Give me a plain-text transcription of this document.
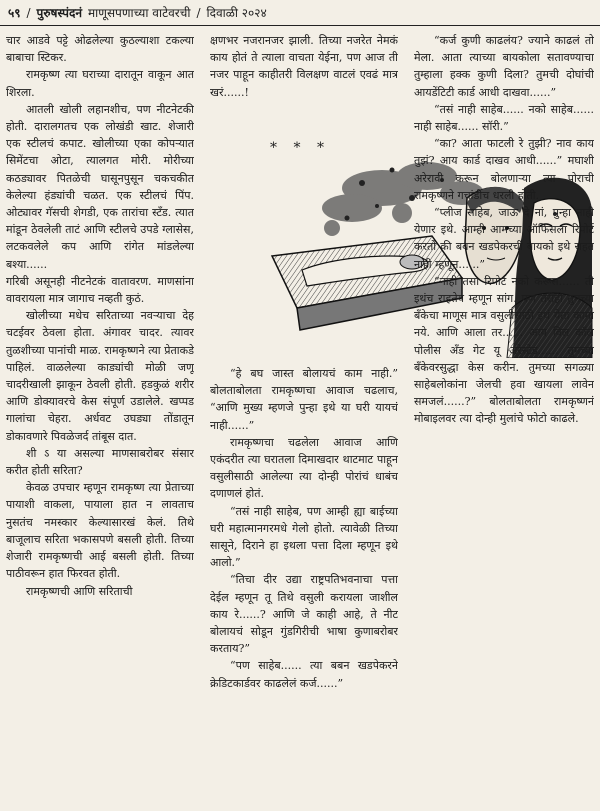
५९ / पुरुषस्पंदनं माणूसपणाच्या वाटेवरची / दिवाळी २०२४

चार आडवे पट्टे ओढलेल्या कुठल्याशा टकल्या बाबाचा स्टिकर.

रामकृष्ण त्या घराच्या दारातून वाकून आत शिरला.

आतली खोली लहानशीच, पण नीटनेटकी होती. दारालगतच एक लोखंडी खाट. शेजारी एक स्टीलचं कपाट. खोलीच्या एका कोपऱ्यात सिमेंटचा ओटा, त्यालगत मोरी. मोरीच्या कठड्यावर पितळेची घासूनपुसून चकचकीत केलेल्या हंड्यांची चळत. एक स्टीलचं पिंप. ओट्यावर गॅसची शेगडी, एक तारांचा स्टँड. त्यात मांडून ठेवलेली ताटं आणि स्टीलचे उपडे ग्लासेस, लटकवलेले कप आणि रांगेत मांडलेल्या बश्या......

गरिबी असूनही नीटनेटकं वातावरण. माणसांना वावरायला मात्र जागाच नव्हती कुठं.

खोलीच्या मधेच सरिताच्या नवऱ्याचा देह चटईवर ठेवला होता. अंगावर चादर. त्यावर तुळशीच्या पानांची माळ. रामकृष्णने त्या प्रेताकडे पाहिलं. वाळलेल्या काड्यांची मोळी जणू चादरीखाली झाकून ठेवली होती. हडकुळं शरीर आणि डोक्यावरचे केस संपूर्ण उडालेले. खप्पड गालांचा चेहरा. अर्धवट उघड्या तोंडातून डोकावणारे पिवळेजर्द तांबूस दात.

शी ऽ या असल्या माणसाबरोबर संसार करीत होती सरिता?

केवळ उपचार म्हणून रामकृष्ण त्या प्रेताच्या पायाशी वाकला, पायाला हात न लावताच नुसतंच नमस्कार केल्यासारखं केलं. तिथे बाजूलाच सरिता भकासपणे बसली होती. तिच्या शेजारी रामकृष्णची आई बसली होती. तिच्या पाठीवरून हात फिरवत होती.

रामकृष्णची आणि सरिताची

क्षणभर नजरानजर झाली. तिच्या नजरेत नेमकं काय होतं ते त्याला वाचता येईना, पण आज ती नजर पाहून काहीतरी विलक्षण वाटलं एवढं मात्र खरं......!

* * *

“हे बघ जास्त बोलायचं काम नाही.” बोलताबोलता रामकृष्णचा आवाज चढलाच, “आणि मुख्य म्हणजे पुन्हा इथे या घरी यायचं नाही......”

रामकृष्णचा चढलेला आवाज आणि एकंदरीत त्या घरातला दिमाखदार थाटमाट पाहून वसुलीसाठी आलेल्या त्या दोन्ही पोरांचं धाबंच दणाणलं होतं.

“तसं नाही साहेब, पण आम्ही ह्या बाईच्या घरी महात्मानगरमधे गेलो होतो. त्यावेळी तिच्या सासूने, दिराने हा इथला पत्ता दिला म्हणून इथे आलो.”

“तिचा दीर उद्या राष्ट्रपतिभवनाचा पत्ता देईल म्हणून तू तिथे वसुली करायला जाशील काय रे......? आणि जे काही आहे, ते नीट बोलायचं सोडून गुंडगिरीची भाषा कुणाबरोबर करताय?”

“पण साहेब...... त्या बबन खडपेकरने क्रेडिटकार्डवर काढलेलं कर्ज......”

“कर्ज कुणी काढलंय? ज्याने काढलं तो मेला. आता त्याच्या बायकोला सतावण्याचा तुम्हाला हक्क कुणी दिला? तुमची दोघांची आयडेंटिटी कार्ड आधी दाखवा......”

“तसं नाही साहेब...... नको साहेब...... नाही साहेब...... सॉरी.”

“का? आता फाटली रे तुझी? नाव काय तुझं? आय कार्ड दाखव आधी......” मघाशी अरेरावी करून बोलणाऱ्या त्या पोराची रामकृष्णने गचांडीच धरली होती.

“प्लीज साहेब, जाऊ दे नां, पुन्हा नाही येणार इथे. आम्ही आमच्या ऑफिसला रिपोर्ट करतो की बबन खडपेकरची बायको इथे राहत नाही म्हणून......”

“नाही तसा रिपोर्ट नको करूस...... ती इथंच राहतेय म्हणून सांग. पण तरीही तुमच्या बँकेचा माणूस मात्र वसुलीसाठी इथं येता कामा नये. आणि आला तर...... आय विल कॉल पोलीस अँड गेट यू अरेस्टेड...... तुमच्या बँकेवरसुद्धा केस करीन. तुमच्या सगळ्या साहेबलोकांना जेलची हवा खायला लावेन समजलं......?” बोलताबोलता रामकृष्णनं मोबाइलवर त्या दोन्ही मुलांचे फोटो काढले.
